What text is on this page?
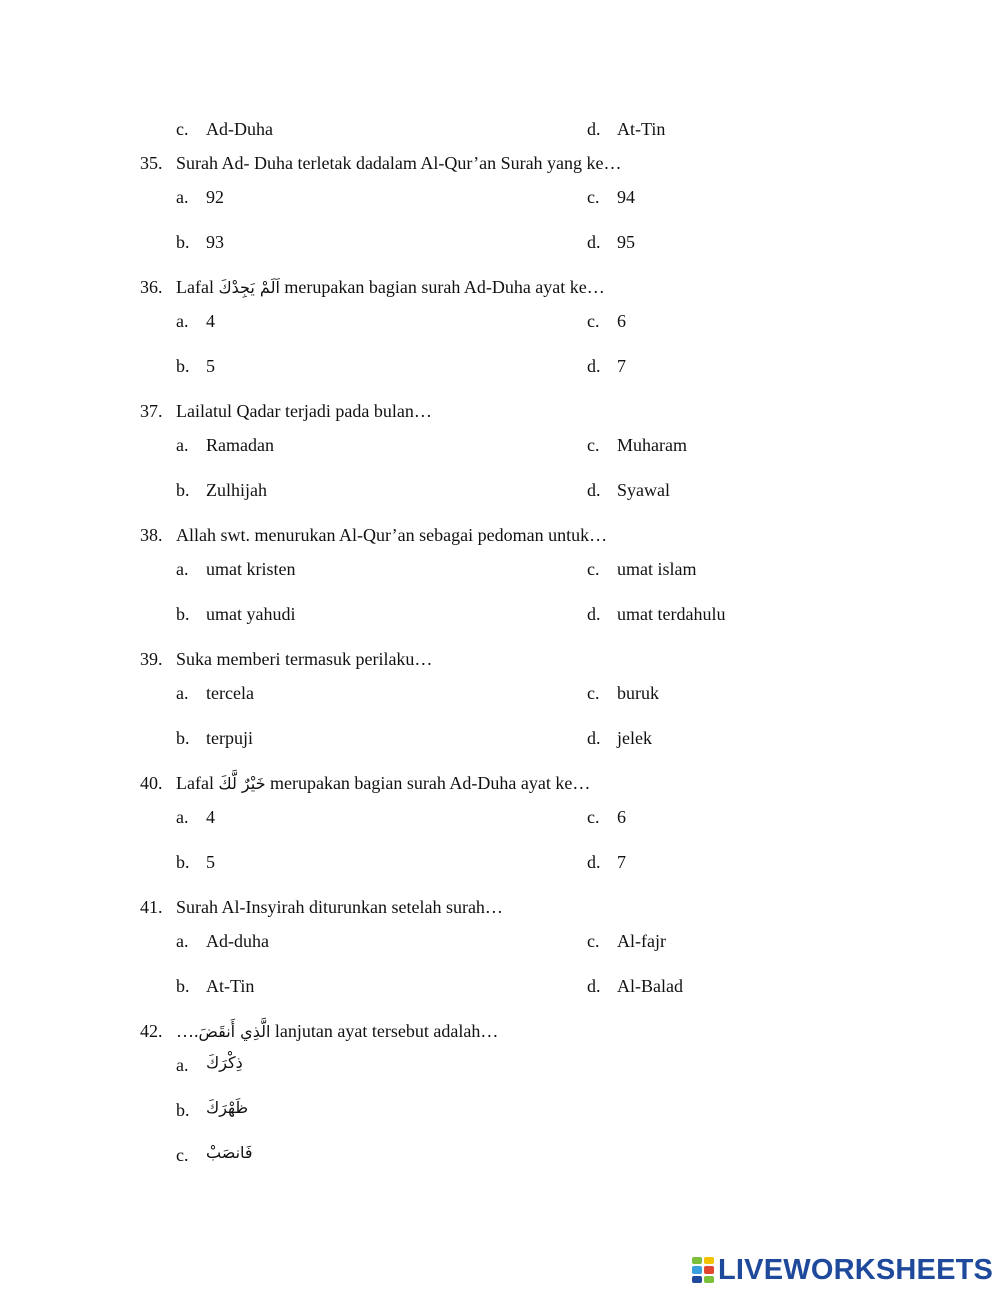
c. Ad-Duha	d. At-Tin
35. Surah Ad- Duha terletak dadalam Al-Qur’an Surah yang ke…
a. 92	c. 94
b. 93	d. 95
36. Lafal اَلَمْ يَجِدْكَ merupakan bagian surah Ad-Duha ayat ke…
a. 4	c. 6
b. 5	d. 7
37. Lailatul Qadar terjadi pada bulan…
a. Ramadan	c. Muharam
b. Zulhijah	d. Syawal
38. Allah swt. menurukan Al-Qur’an sebagai pedoman untuk…
a. umat kristen	c. umat islam
b. umat yahudi	d. umat terdahulu
39. Suka memberi termasuk perilaku…
a. tercela	c. buruk
b. terpuji	d. jelek
40. Lafal خَيْرٌ لَّكَ merupakan bagian surah Ad-Duha ayat ke…
a. 4	c. 6
b. 5	d. 7
41. Surah Al-Insyirah diturunkan setelah surah…
a. Ad-duha	c. Al-fajr
b. At-Tin	d. Al-Balad
42. ….الَّذِي أَنقَضَ lanjutan ayat tersebut adalah…
a. ذِكْرَكَ
b. ظَهْرَكَ
c. فَانصَبْ
LIVEWORKSHEETS
